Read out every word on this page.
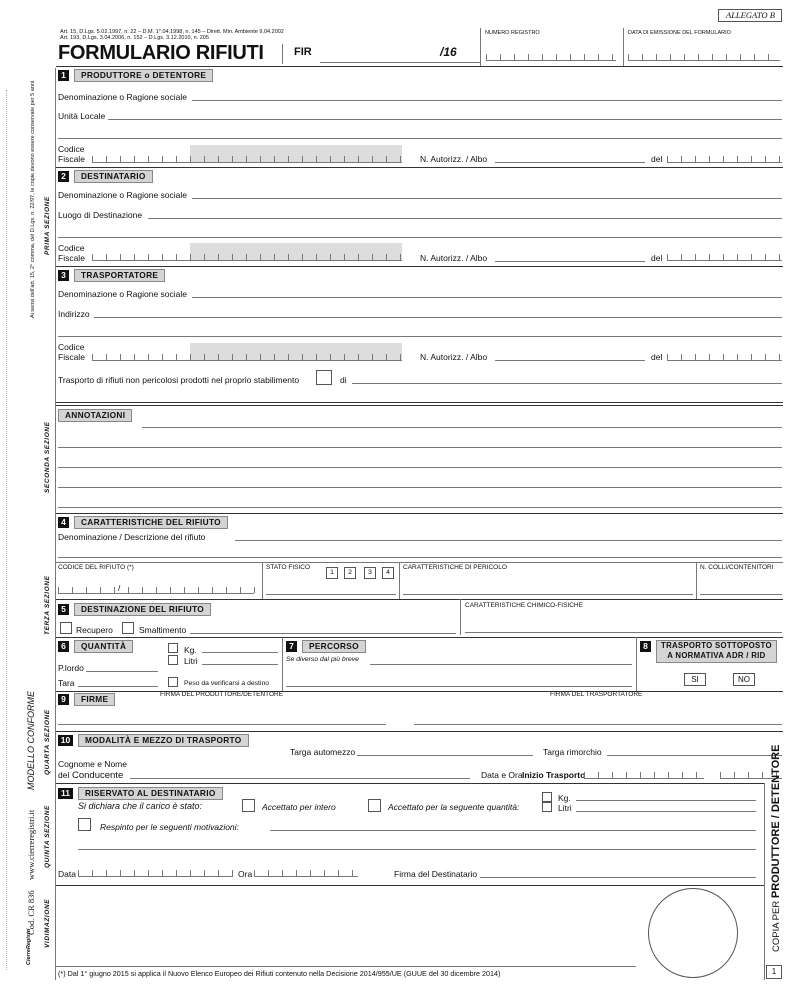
ALLEGATO B
Art. 15, D.Lgs. 5.02.1997, n. 22 – D.M. 1°.04.1998, n. 145 – Dirett. Min. Ambiente 9.04.2002
Art. 193, D.Lgs. 3.04.2006, n. 152 – D.Lgs. 3.12.2010, n. 205
FORMULARIO RIFIUTI	FIR	/16
NUMERO REGISTRO	DATA DI EMISSIONE DEL FORMULARIO
Ai sensi dell'art. 15, 2° comma, del D.Lgs. n. 22/97, le copie devono essere conservate per 5 anni. PRIMA SEZIONE
SECONDA SEZIONE
TERZA SEZIONE
QUARTA SEZIONE
QUINTA SEZIONE
VIDIMAZIONE
MODELLO CONFORME
www.cierreregistri.it
Cod. CR 836
CierreRegistri
1	PRODUTTORE o DETENTORE
Denominazione o Ragione sociale
Unità Locale
Codice
Fiscale	N. Autorizz. / Albo	del
2	DESTINATARIO
Denominazione o Ragione sociale
Luogo di Destinazione
Codice
Fiscale	N. Autorizz. / Albo	del
3	TRASPORTATORE
Denominazione o Ragione sociale
Indirizzo
Codice
Fiscale	N. Autorizz. / Albo	del
Trasporto di rifiuti non pericolosi prodotti nel proprio stabilimento	di
ANNOTAZIONI
4	CARATTERISTICHE DEL RIFIUTO
Denominazione / Descrizione del rifiuto
CODICE DEL RIFIUTO (*)
/
STATO FISICO
1	2	3	4
CARATTERISTICHE DI PERICOLO	N. COLLI/CONTENITORI
5	DESTINAZIONE DEL RIFIUTO	CARATTERISTICHE CHIMICO-FISICHE
Recupero	Smaltimento
6	QUANTITÀ	Kg.
Litri
P.lordo
Tara	Peso da verificarsi a destino
7	PERCORSO
Se diverso dal più breve
8	TRASPORTO SOTTOPOSTO
A NORMATIVA ADR / RID
SI	NO
9	FIRME	FIRMA DEL PRODUTTORE/DETENTORE	FIRMA DEL TRASPORTATORE
10	MODALITÀ E MEZZO DI TRASPORTO
Targa automezzo	Targa rimorchio
Cognome e Nome
del Conducente	Data e Ora Inizio Trasporto
11	RISERVATO AL DESTINATARIO
Si dichiara che il carico è stato:	Accettato per intero	Accettato per la seguente quantità:
Kg.
Litri
Respinto per le seguenti motivazioni:
Data	Ora	Firma del Destinatario
COPIA PER PRODUTTORE / DETENTORE
1
(*) Dal 1° giugno 2015 si applica il Nuovo Elenco Europeo dei Rifiuti contenuto nella Decisione 2014/955/UE (GUUE del 30 dicembre 2014)
